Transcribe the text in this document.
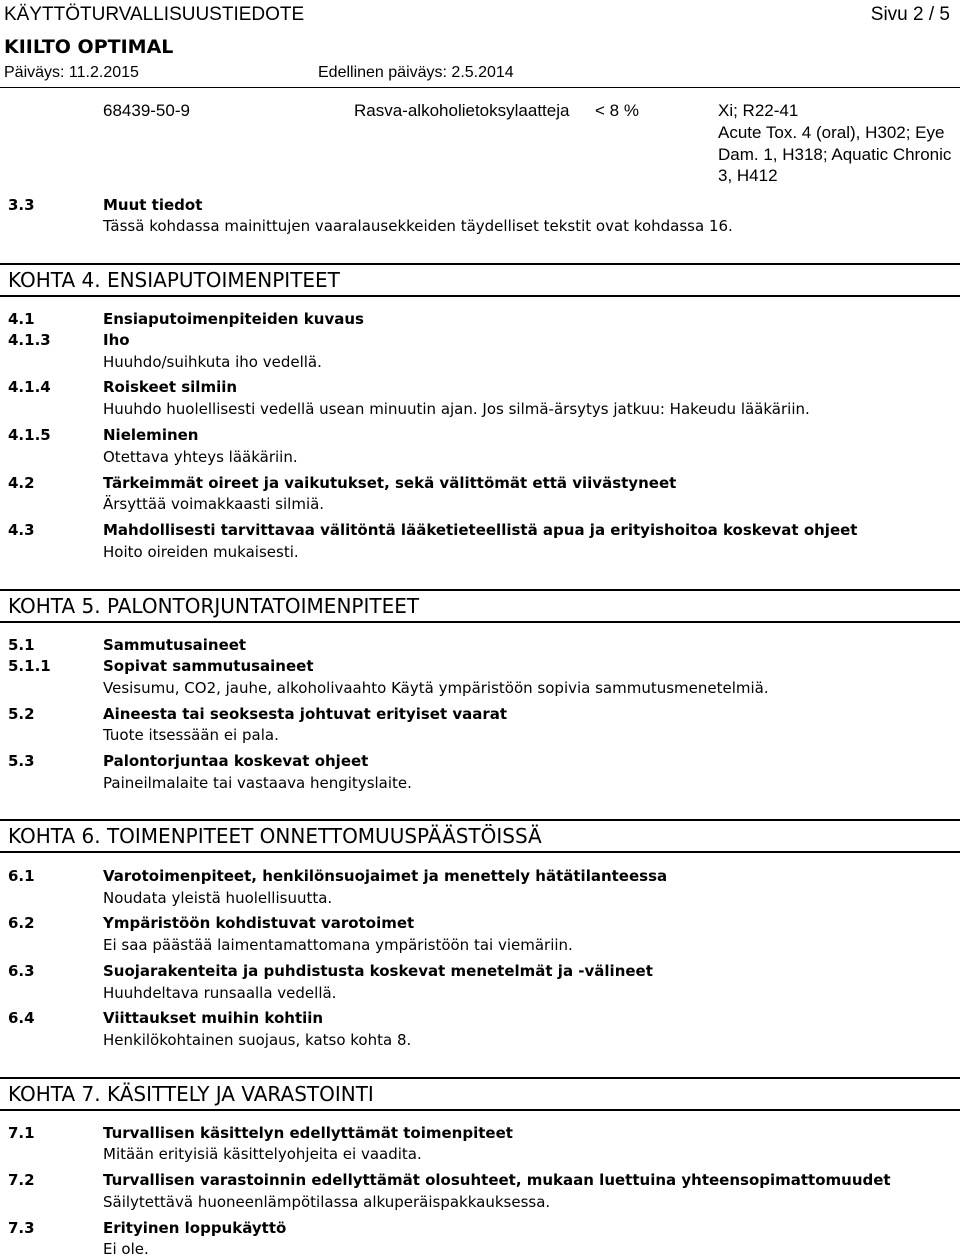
KÄYTTÖTURVALLISUUSTIEDOTE	Sivu 2 / 5
KIILTO OPTIMAL
Päiväys: 11.2.2015	Edellinen päiväys: 2.5.2014
68439-50-9	Rasva-alkoholietoksylaatteja < 8 %	Xi; R22-41
Acute Tox. 4 (oral), H302; Eye
Dam. 1, H318; Aquatic Chronic
3, H412
3.3	Muut tiedot
Tässä kohdassa mainittujen vaaralausekkeiden täydelliset tekstit ovat kohdassa 16.
KOHTA 4. ENSIAPUTOIMENPITEET
4.1	Ensiaputoimenpiteiden kuvaus
4.1.3	Iho
Huuhdo/suihkuta iho vedellä.
4.1.4	Roiskeet silmiin
Huuhdo huolellisesti vedellä usean minuutin ajan. Jos silmä-ärsytys jatkuu: Hakeudu lääkäriin.
4.1.5	Nieleminen
Otettava yhteys lääkäriin.
4.2	Tärkeimmät oireet ja vaikutukset, sekä välittömät että viivästyneet
Ärsyttää voimakkaasti silmiä.
4.3	Mahdollisesti tarvittavaa välitöntä lääketieteellistä apua ja erityishoitoa koskevat ohjeet
Hoito oireiden mukaisesti.
KOHTA 5. PALONTORJUNTATOIMENPITEET
5.1	Sammutusaineet
5.1.1	Sopivat sammutusaineet
Vesisumu, CO2, jauhe, alkoholivaahto Käytä ympäristöön sopivia sammutusmenetelmiä.
5.2	Aineesta tai seoksesta johtuvat erityiset vaarat
Tuote itsessään ei pala.
5.3	Palontorjuntaa koskevat ohjeet
Paineilmalaite tai vastaava hengityslaite.
KOHTA 6. TOIMENPITEET ONNETTOMUUSPÄÄSTÖISSÄ
6.1	Varotoimenpiteet, henkilönsuojaimet ja menettely hätätilanteessa
Noudata yleistä huolellisuutta.
6.2	Ympäristöön kohdistuvat varotoimet
Ei saa päästää laimentamattomana ympäristöön tai viemäriin.
6.3	Suojarakenteita ja puhdistusta koskevat menetelmät ja -välineet
Huuhdeltava runsaalla vedellä.
6.4	Viittaukset muihin kohtiin
Henkilökohtainen suojaus, katso kohta 8.
KOHTA 7. KÄSITTELY JA VARASTOINTI
7.1	Turvallisen käsittelyn edellyttämät toimenpiteet
Mitään erityisiä käsittelyohjeita ei vaadita.
7.2	Turvallisen varastoinnin edellyttämät olosuhteet, mukaan luettuina yhteensopimattomuudet
Säilytettävä huoneenlämpötilassa alkuperäispakkauksessa.
7.3	Erityinen loppukäyttö
Ei ole.
